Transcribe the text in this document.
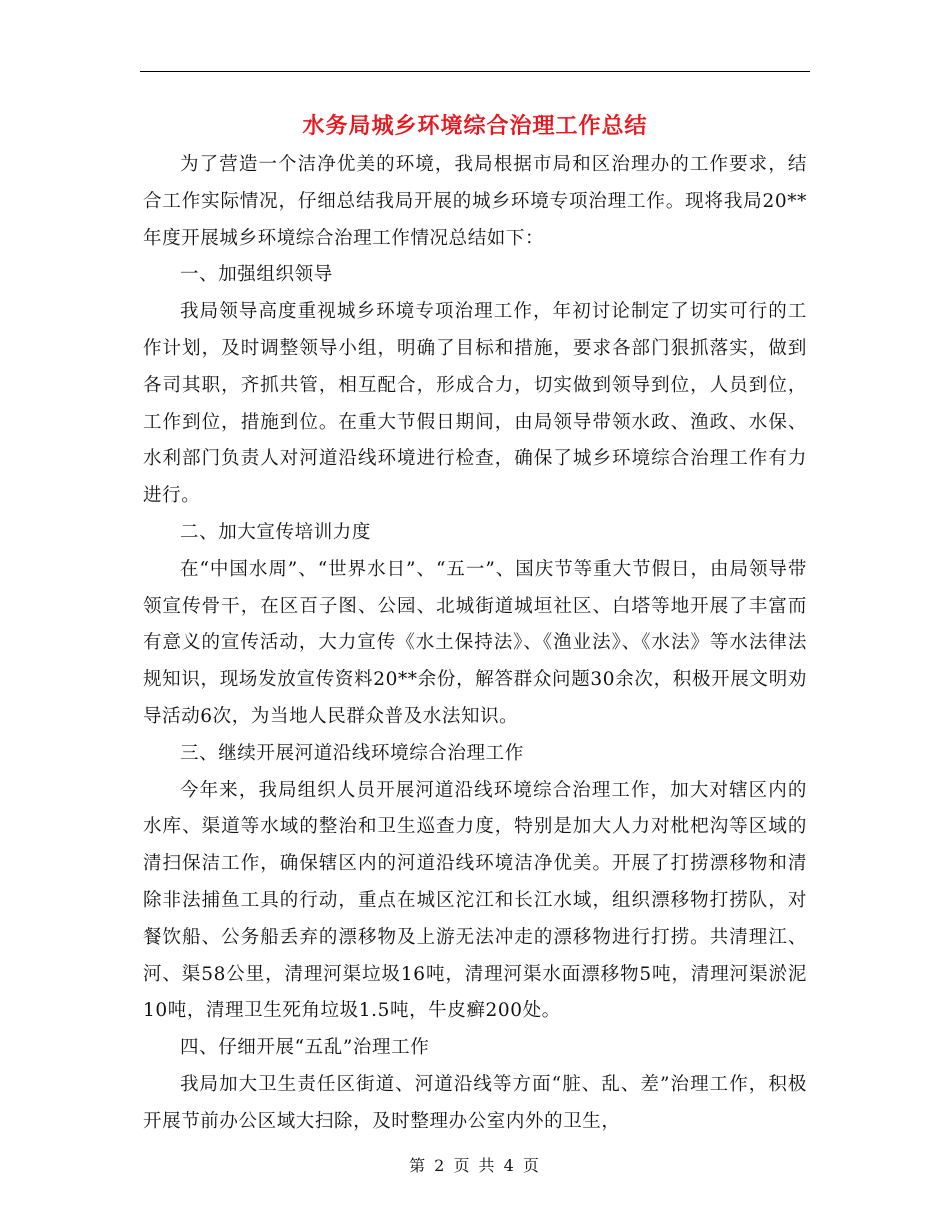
水务局城乡环境综合治理工作总结

为了营造一个洁净优美的环境，我局根据市局和区治理办的工作要求，结合工作实际情况，仔细总结我局开展的城乡环境专项治理工作。现将我局20**年度开展城乡环境综合治理工作情况总结如下：

一、加强组织领导

我局领导高度重视城乡环境专项治理工作，年初讨论制定了切实可行的工作计划，及时调整领导小组，明确了目标和措施，要求各部门狠抓落实，做到各司其职，齐抓共管，相互配合，形成合力，切实做到领导到位，人员到位，工作到位，措施到位。在重大节假日期间，由局领导带领水政、渔政、水保、水利部门负责人对河道沿线环境进行检查，确保了城乡环境综合治理工作有力进行。

二、加大宣传培训力度

在“中国水周”、“世界水日”、“五一”、国庆节等重大节假日，由局领导带领宣传骨干，在区百子图、公园、北城街道城垣社区、白塔等地开展了丰富而有意义的宣传活动，大力宣传《水土保持法》、《渔业法》、《水法》等水法律法规知识，现场发放宣传资料20**余份，解答群众问题30余次，积极开展文明劝导活动6次，为当地人民群众普及水法知识。

三、继续开展河道沿线环境综合治理工作

今年来，我局组织人员开展河道沿线环境综合治理工作，加大对辖区内的水库、渠道等水域的整治和卫生巡查力度，特别是加大人力对枇杷沟等区域的清扫保洁工作，确保辖区内的河道沿线环境洁净优美。开展了打捞漂移物和清除非法捕鱼工具的行动，重点在城区沱江和长江水域，组织漂移物打捞队，对餐饮船、公务船丢弃的漂移物及上游无法冲走的漂移物进行打捞。共清理江、河、渠58公里，清理河渠垃圾16吨，清理河渠水面漂移物5吨，清理河渠淤泥10吨，清理卫生死角垃圾1.5吨，牛皮癣200处。

四、仔细开展“五乱”治理工作

我局加大卫生责任区街道、河道沿线等方面“脏、乱、差”治理工作，积极开展节前办公区域大扫除，及时整理办公室内外的卫生，

第 2 页 共 4 页
